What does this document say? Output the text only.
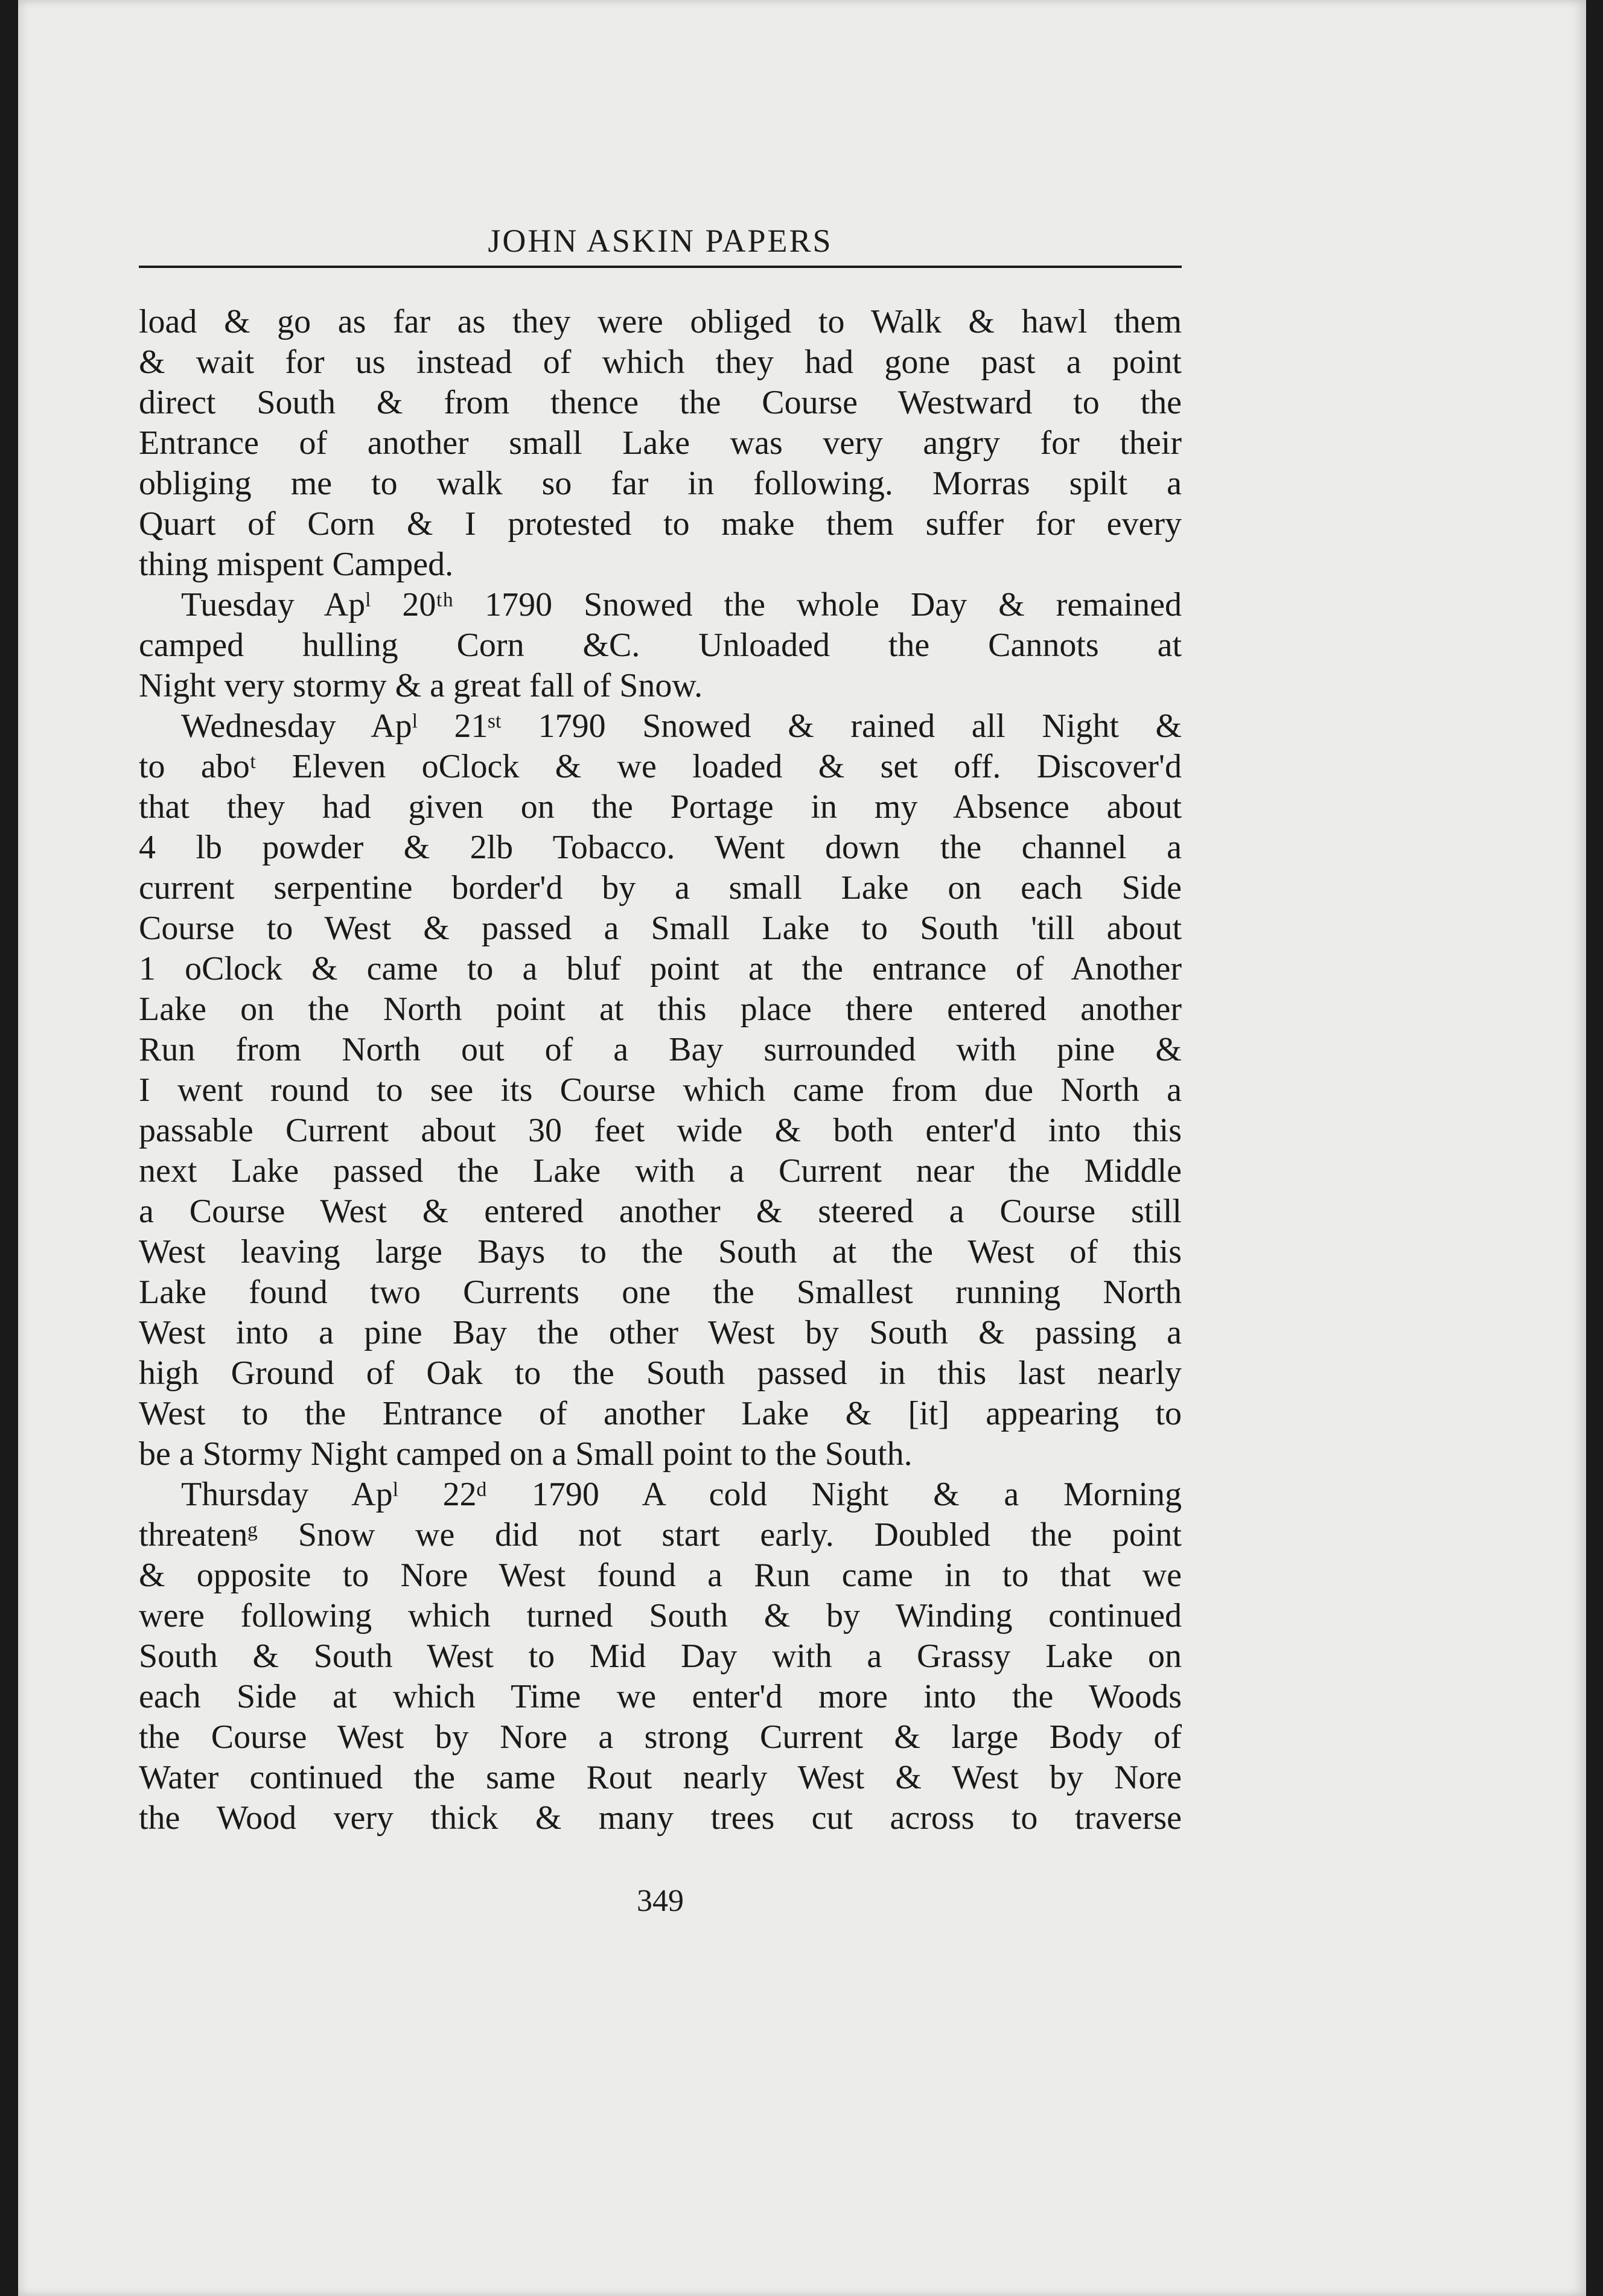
JOHN ASKIN PAPERS
load & go as far as they were obliged to Walk & hawl them
& wait for us instead of which they had gone past a point
direct South & from thence the Course Westward to the
Entrance of another small Lake was very angry for their
obliging me to walk so far in following. Morras spilt a
Quart of Corn & I protested to make them suffer for every
thing mispent Camped.
Tuesday Apˡ 20ᵗʰ 1790 Snowed the whole Day & remained
camped hulling Corn &C. Unloaded the Cannots at
Night very stormy & a great fall of Snow.
Wednesday Apˡ 21ˢᵗ 1790 Snowed & rained all Night &
to aboᵗ Eleven oClock & we loaded & set off. Discover'd
that they had given on the Portage in my Absence about
4 lb powder & 2lb Tobacco. Went down the channel a
current serpentine border'd by a small Lake on each Side
Course to West & passed a Small Lake to South 'till about
1 oClock & came to a bluf point at the entrance of Another
Lake on the North point at this place there entered another
Run from North out of a Bay surrounded with pine &
I went round to see its Course which came from due North a
passable Current about 30 feet wide & both enter'd into this
next Lake passed the Lake with a Current near the Middle
a Course West & entered another & steered a Course still
West leaving large Bays to the South at the West of this
Lake found two Currents one the Smallest running North
West into a pine Bay the other West by South & passing a
high Ground of Oak to the South passed in this last nearly
West to the Entrance of another Lake & [it] appearing to
be a Stormy Night camped on a Small point to the South.
Thursday Apˡ 22ᵈ 1790 A cold Night & a Morning
threatenᵍ Snow we did not start early. Doubled the point
& opposite to Nore West found a Run came in to that we
were following which turned South & by Winding continued
South & South West to Mid Day with a Grassy Lake on
each Side at which Time we enter'd more into the Woods
the Course West by Nore a strong Current & large Body of
Water continued the same Rout nearly West & West by Nore
the Wood very thick & many trees cut across to traverse
349
